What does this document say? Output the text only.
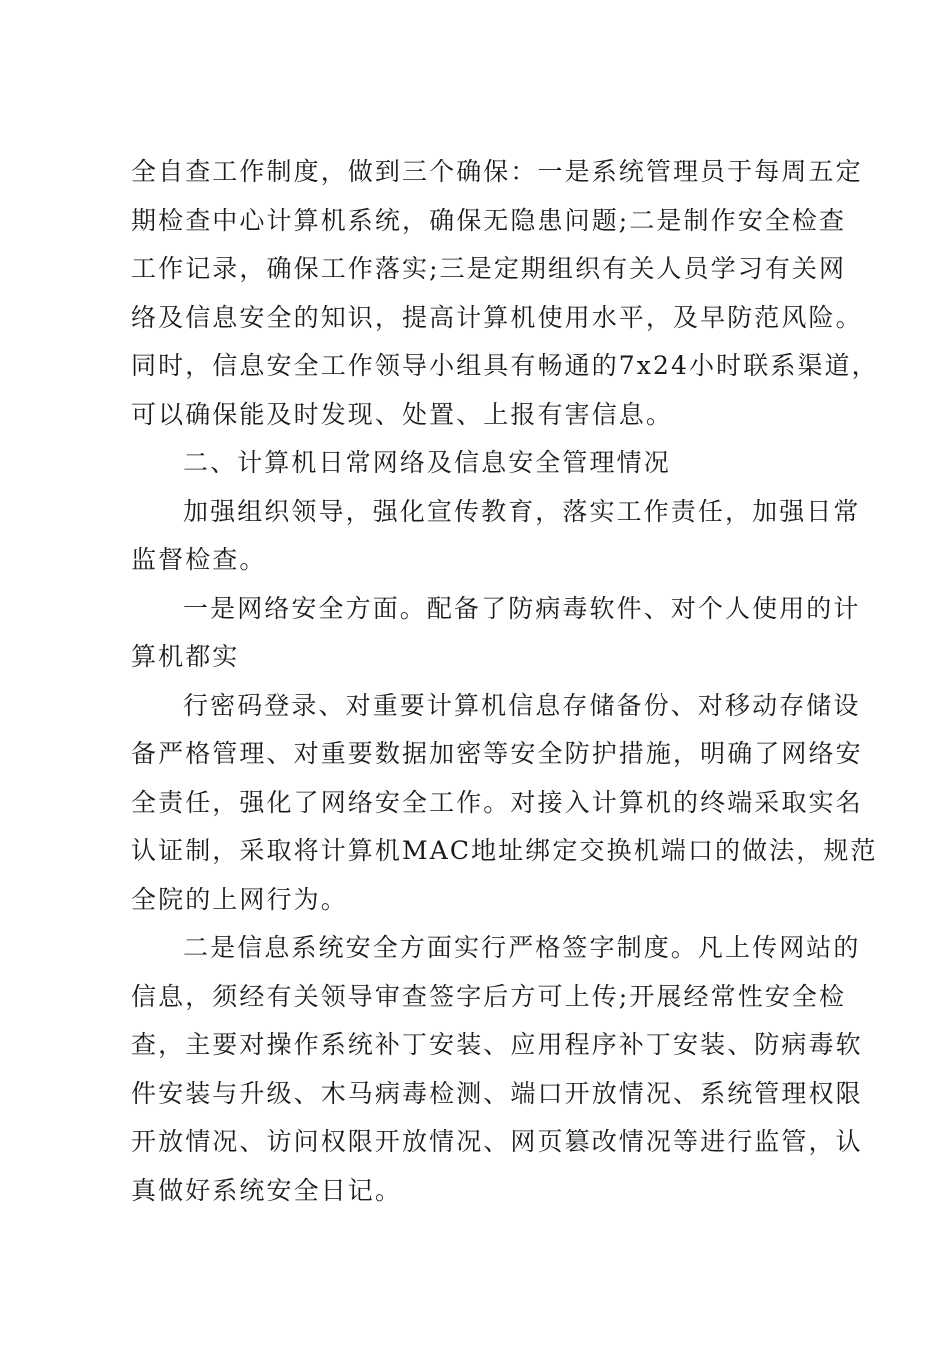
全自查工作制度，做到三个确保：一是系统管理员于每周五定
期检查中心计算机系统，确保无隐患问题;二是制作安全检查
工作记录，确保工作落实;三是定期组织有关人员学习有关网
络及信息安全的知识，提高计算机使用水平，及早防范风险。
同时，信息安全工作领导小组具有畅通的7x24小时联系渠道，
可以确保能及时发现、处置、上报有害信息。
二、计算机日常网络及信息安全管理情况
加强组织领导，强化宣传教育，落实工作责任，加强日常
监督检查。
一是网络安全方面。配备了防病毒软件、对个人使用的计
算机都实
行密码登录、对重要计算机信息存储备份、对移动存储设
备严格管理、对重要数据加密等安全防护措施，明确了网络安
全责任，强化了网络安全工作。对接入计算机的终端采取实名
认证制，采取将计算机MAC地址绑定交换机端口的做法，规范
全院的上网行为。
二是信息系统安全方面实行严格签字制度。凡上传网站的
信息，须经有关领导审查签字后方可上传;开展经常性安全检
查，主要对操作系统补丁安装、应用程序补丁安装、防病毒软
件安装与升级、木马病毒检测、端口开放情况、系统管理权限
开放情况、访问权限开放情况、网页篡改情况等进行监管，认
真做好系统安全日记。
